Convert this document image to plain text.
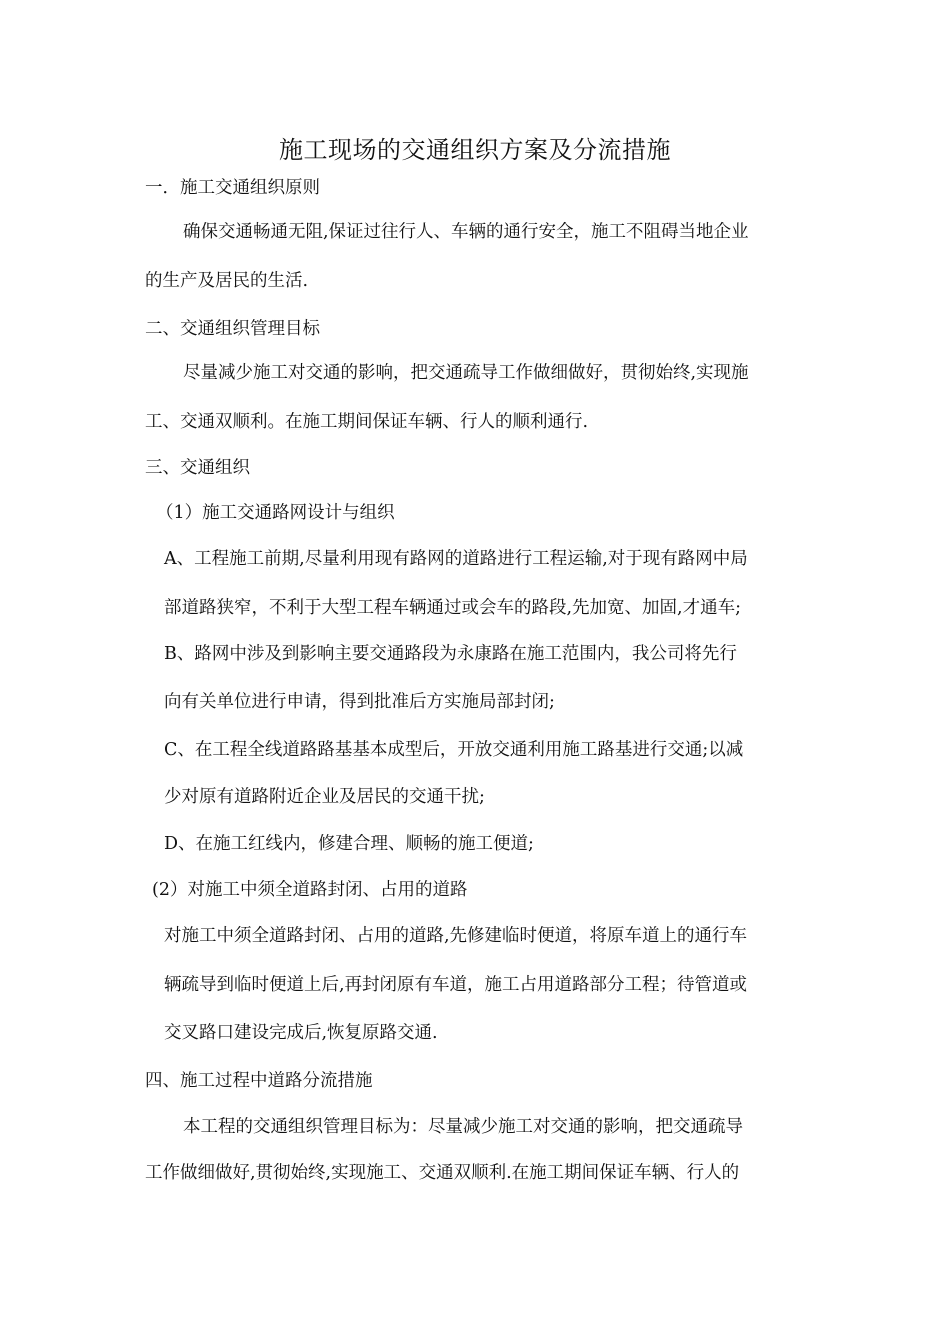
施工现场的交通组织方案及分流措施
一．施工交通组织原则
确保交通畅通无阻,保证过往行人、车辆的通行安全，施工不阻碍当地企业
的生产及居民的生活.
二、交通组织管理目标
尽量减少施工对交通的影响，把交通疏导工作做细做好，贯彻始终,实现施
工、交通双顺利。在施工期间保证车辆、行人的顺利通行.
三、交通组织
（1）施工交通路网设计与组织
A、工程施工前期,尽量利用现有路网的道路进行工程运输,对于现有路网中局
部道路狭窄，不利于大型工程车辆通过或会车的路段,先加宽、加固,才通车;
B、路网中涉及到影响主要交通路段为永康路在施工范围内，我公司将先行
向有关单位进行申请，得到批准后方实施局部封闭;
C、在工程全线道路路基基本成型后，开放交通利用施工路基进行交通;以减
少对原有道路附近企业及居民的交通干扰;
D、在施工红线内，修建合理、顺畅的施工便道;
(2）对施工中须全道路封闭、占用的道路
对施工中须全道路封闭、占用的道路,先修建临时便道，将原车道上的通行车
辆疏导到临时便道上后,再封闭原有车道，施工占用道路部分工程；待管道或
交叉路口建设完成后,恢复原路交通.
四、施工过程中道路分流措施
本工程的交通组织管理目标为：尽量减少施工对交通的影响，把交通疏导
工作做细做好,贯彻始终,实现施工、交通双顺利.在施工期间保证车辆、行人的
